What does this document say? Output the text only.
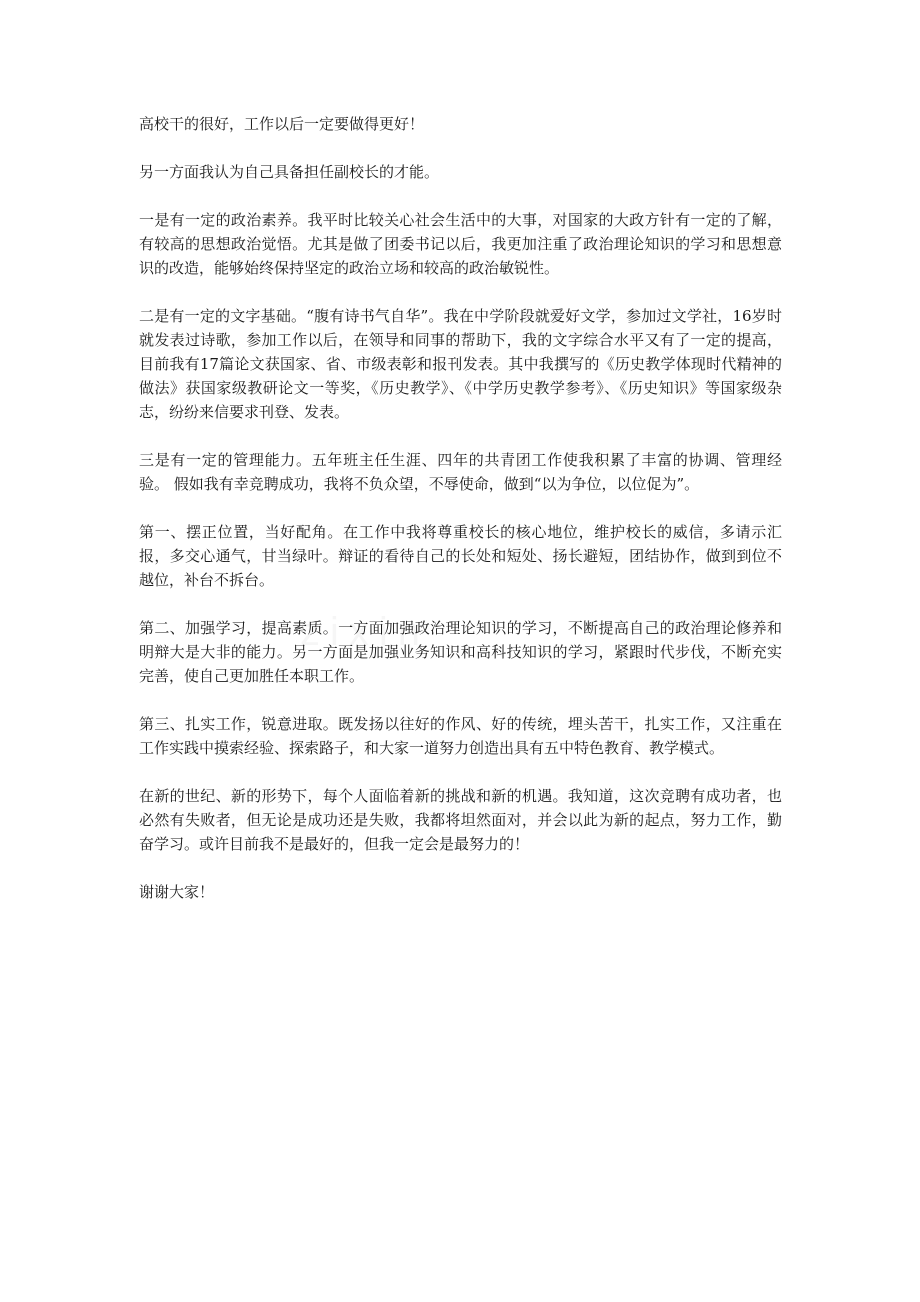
高校干的很好，工作以后一定要做得更好！

另一方面我认为自己具备担任副校长的才能。

一是有一定的政治素养。我平时比较关心社会生活中的大事，对国家的大政方针有一定的了解，有较高的思想政治觉悟。尤其是做了团委书记以后，我更加注重了政治理论知识的学习和思想意识的改造，能够始终保持坚定的政治立场和较高的政治敏锐性。

二是有一定的文字基础。“腹有诗书气自华”。我在中学阶段就爱好文学，参加过文学社，16岁时就发表过诗歌，参加工作以后，在领导和同事的帮助下，我的文字综合水平又有了一定的提高，目前我有17篇论文获国家、省、市级表彰和报刊发表。其中我撰写的《历史教学体现时代精神的做法》获国家级教研论文一等奖，《历史教学》、《中学历史教学参考》、《历史知识》等国家级杂志，纷纷来信要求刊登、发表。

三是有一定的管理能力。五年班主任生涯、四年的共青团工作使我积累了丰富的协调、管理经验。 假如我有幸竞聘成功，我将不负众望，不辱使命，做到“以为争位，以位促为”。

第一、摆正位置，当好配角。在工作中我将尊重校长的核心地位，维护校长的威信，多请示汇报，多交心通气，甘当绿叶。辩证的看待自己的长处和短处、扬长避短，团结协作，做到到位不越位，补台不拆台。

第二、加强学习，提高素质。一方面加强政治理论知识的学习，不断提高自己的政治理论修养和明辩大是大非的能力。另一方面是加强业务知识和高科技知识的学习，紧跟时代步伐，不断充实完善，使自己更加胜任本职工作。

第三、扎实工作，锐意进取。既发扬以往好的作风、好的传统，埋头苦干，扎实工作，又注重在工作实践中摸索经验、探索路子，和大家一道努力创造出具有五中特色教育、教学模式。

在新的世纪、新的形势下，每个人面临着新的挑战和新的机遇。我知道，这次竞聘有成功者，也必然有失败者，但无论是成功还是失败，我都将坦然面对，并会以此为新的起点，努力工作，勤奋学习。或许目前我不是最好的，但我一定会是最努力的！

谢谢大家！
